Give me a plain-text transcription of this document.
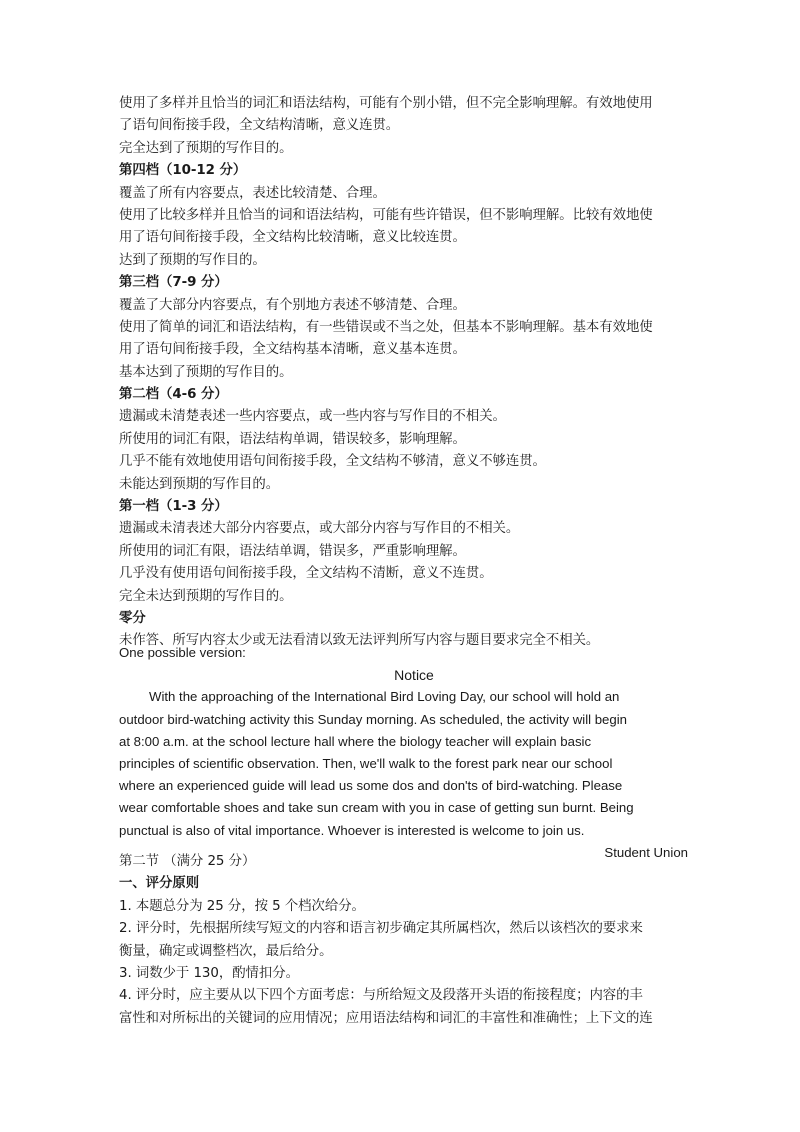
使用了多样并且恰当的词汇和语法结构，可能有个别小错，但不完全影响理解。有效地使用
了语句间衔接手段，全文结构清晰，意义连贯。
完全达到了预期的写作目的。
第四档（10-12 分）
覆盖了所有内容要点，表述比较清楚、合理。
使用了比较多样并且恰当的词和语法结构，可能有些许错误，但不影响理解。比较有效地使
用了语句间衔接手段，全文结构比较清晰，意义比较连贯。
达到了预期的写作目的。
第三档（7-9 分）
覆盖了大部分内容要点，有个别地方表述不够清楚、合理。
使用了简单的词汇和语法结构，有一些错误或不当之处，但基本不影响理解。基本有效地使
用了语句间衔接手段，全文结构基本清晰，意义基本连贯。
基本达到了预期的写作目的。
第二档（4-6 分）
遗漏或未清楚表述一些内容要点，或一些内容与写作目的不相关。
所使用的词汇有限，语法结构单调，错误较多，影响理解。
几乎不能有效地使用语句间衔接手段，全文结构不够清，意义不够连贯。
未能达到预期的写作目的。
第一档（1-3 分）
遗漏或未清表述大部分内容要点，或大部分内容与写作目的不相关。
所使用的词汇有限，语法结单调，错误多，严重影响理解。
几乎没有使用语句间衔接手段，全文结构不清断，意义不连贯。
完全未达到预期的写作目的。
零分
未作答、所写内容太少或无法看清以致无法评判所写内容与题目要求完全不相关。
One possible version:
Notice
With the approaching of the International Bird Loving Day, our school will hold an
outdoor bird-watching activity this Sunday morning. As scheduled, the activity will begin
at 8:00 a.m. at the school lecture hall where the biology teacher will explain basic
principles of scientific observation. Then, we'll walk to the forest park near our school
where an experienced guide will lead us some dos and don'ts of bird-watching. Please
wear comfortable shoes and take sun cream with you in case of getting sun burnt. Being
punctual is also of vital importance. Whoever is interested is welcome to join us.
Student Union
第二节 （满分 25 分）
一、评分原则
1. 本题总分为 25 分，按 5 个档次给分。
2. 评分时，先根据所续写短文的内容和语言初步确定其所属档次，然后以该档次的要求来
衡量，确定或调整档次，最后给分。
3. 词数少于 130，酌情扣分。
4. 评分时，应主要从以下四个方面考虑：与所给短文及段落开头语的衔接程度；内容的丰
富性和对所标出的关键词的应用情况；应用语法结构和词汇的丰富性和准确性；上下文的连
